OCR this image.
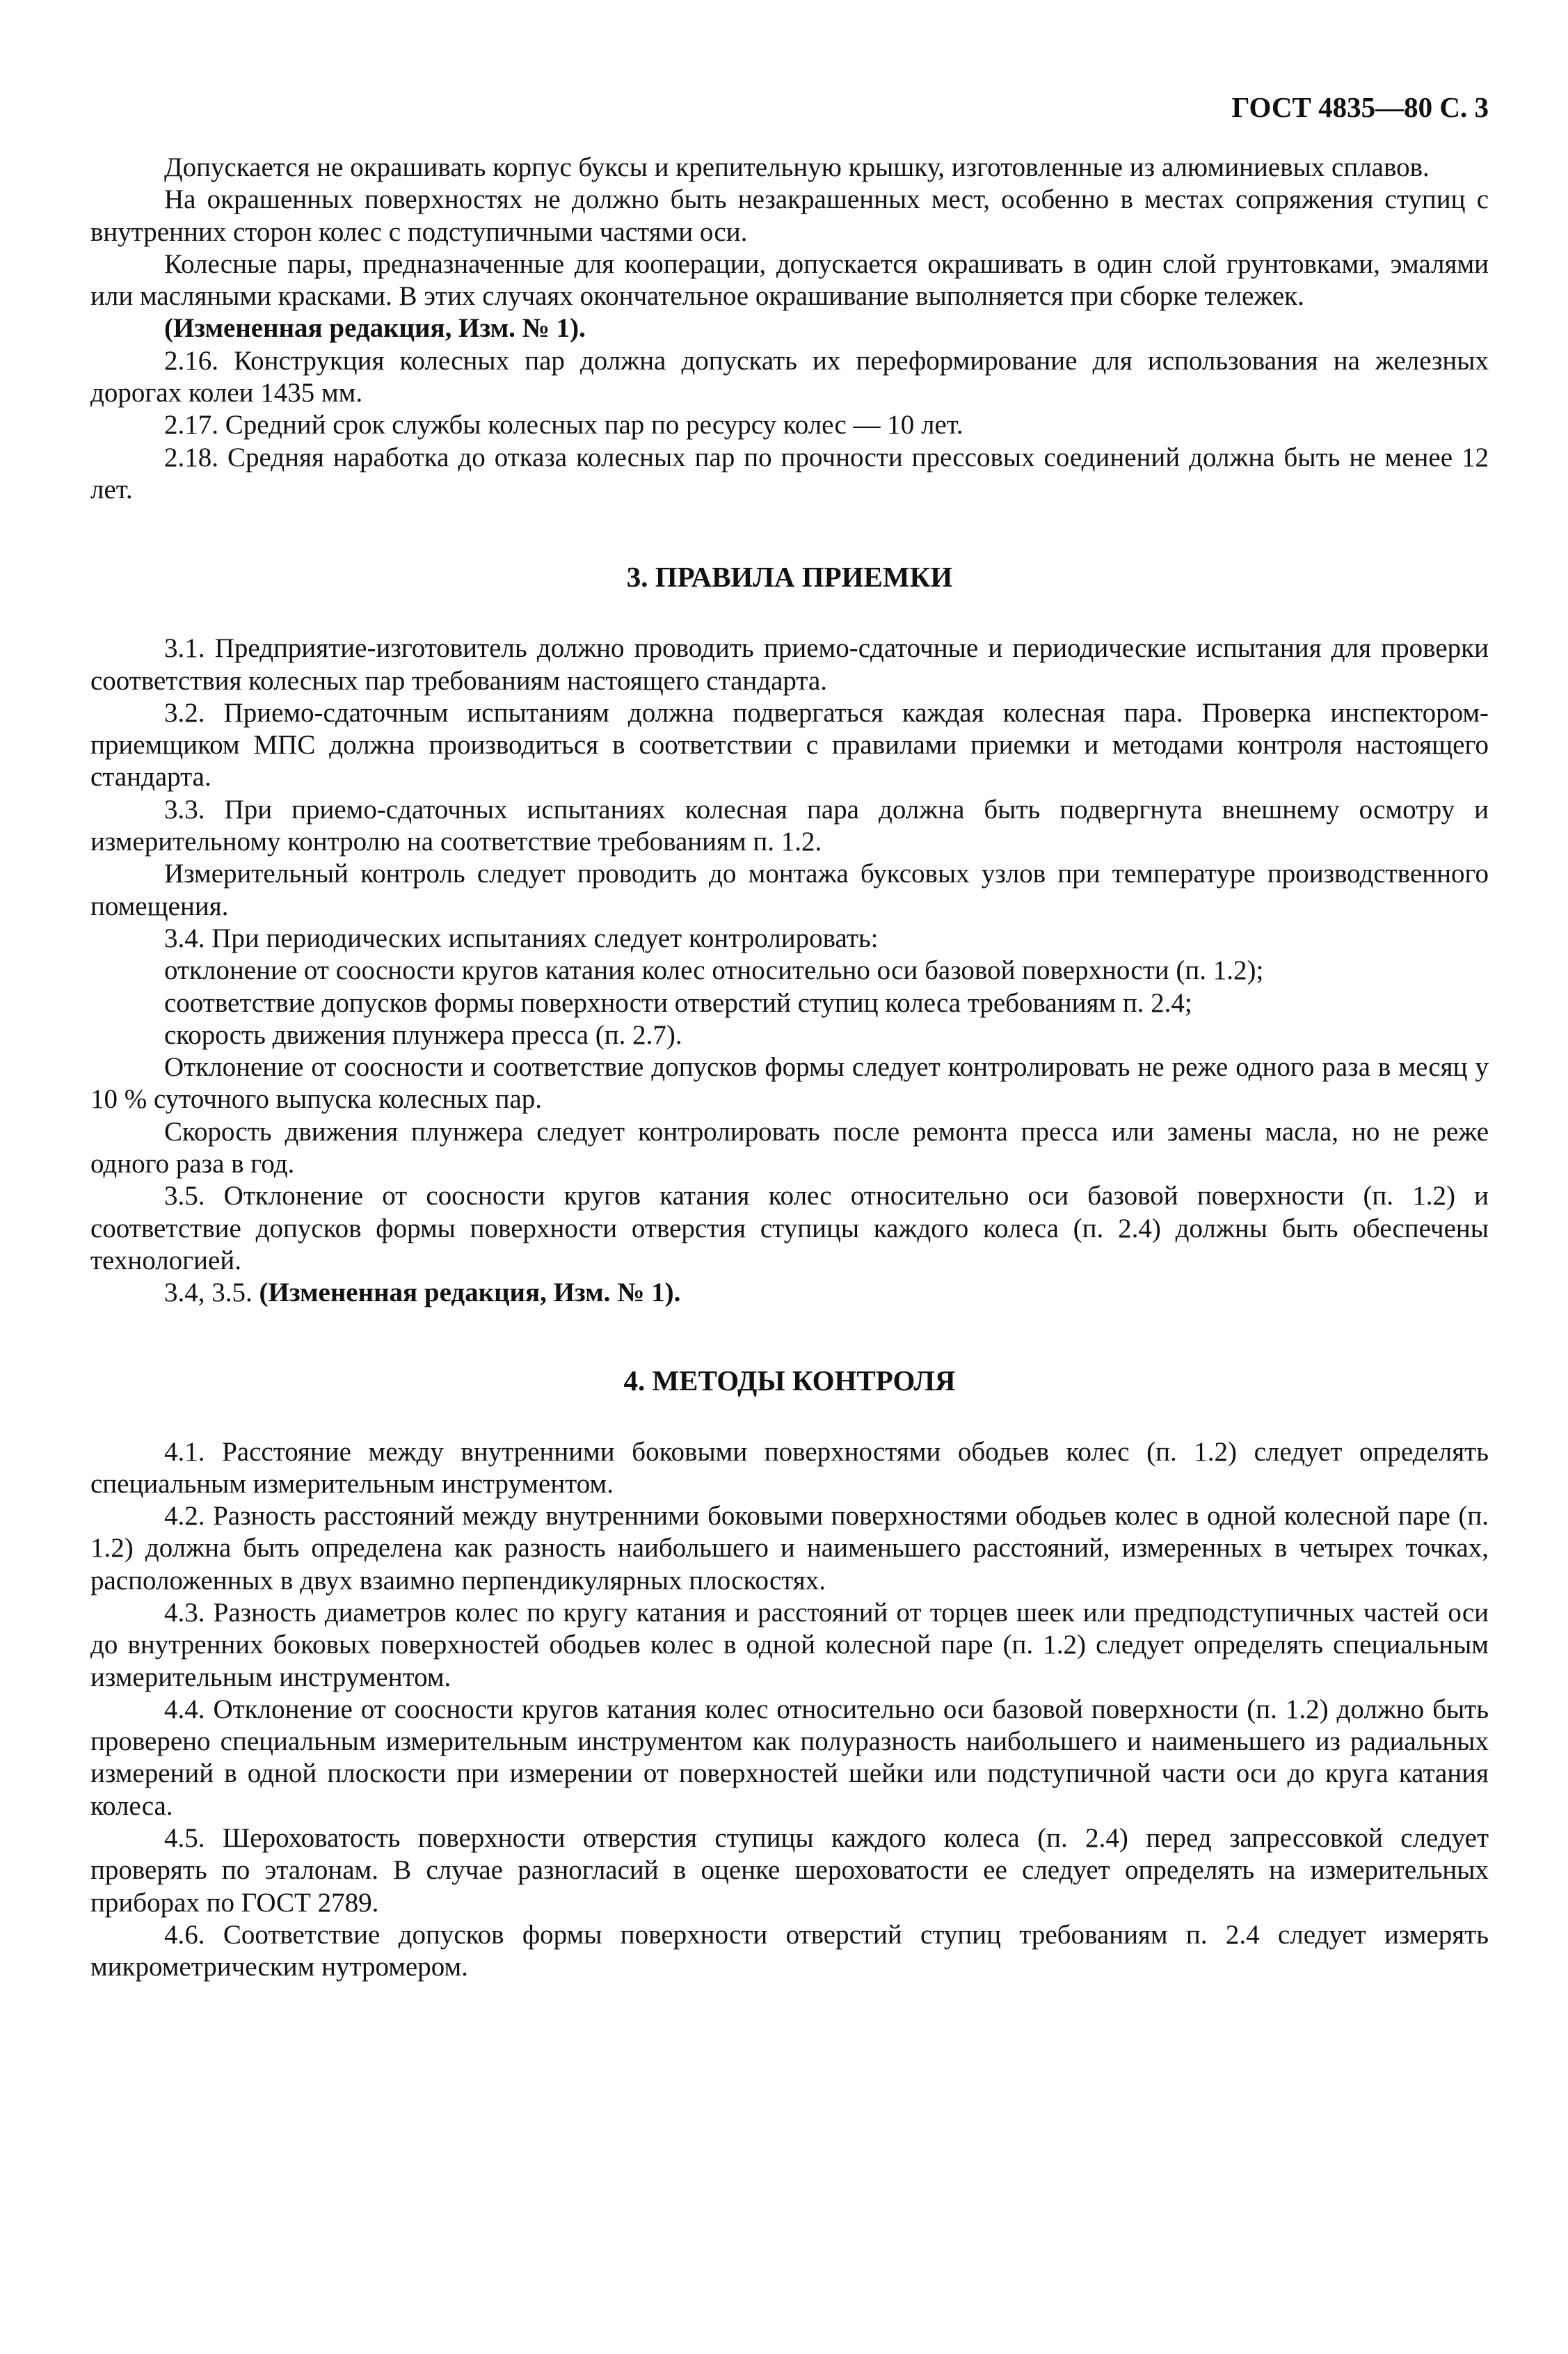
ГОСТ 4835—80 С. 3

Допускается не окрашивать корпус буксы и крепительную крышку, изготовленные из алюминиевых сплавов.

На окрашенных поверхностях не должно быть незакрашенных мест, особенно в местах сопряжения ступиц с внутренних сторон колес с подступичными частями оси.

Колесные пары, предназначенные для кооперации, допускается окрашивать в один слой грунтовками, эмалями или масляными красками. В этих случаях окончательное окрашивание выполняется при сборке тележек.

(Измененная редакция, Изм. № 1).

2.16. Конструкция колесных пар должна допускать их переформирование для использования на железных дорогах колеи 1435 мм.

2.17. Средний срок службы колесных пар по ресурсу колес — 10 лет.

2.18. Средняя наработка до отказа колесных пар по прочности прессовых соединений должна быть не менее 12 лет.

3. ПРАВИЛА ПРИЕМКИ

3.1. Предприятие-изготовитель должно проводить приемо-сдаточные и периодические испытания для проверки соответствия колесных пар требованиям настоящего стандарта.

3.2. Приемо-сдаточным испытаниям должна подвергаться каждая колесная пара. Проверка инспектором-приемщиком МПС должна производиться в соответствии с правилами приемки и методами контроля настоящего стандарта.

3.3. При приемо-сдаточных испытаниях колесная пара должна быть подвергнута внешнему осмотру и измерительному контролю на соответствие требованиям п. 1.2.

Измерительный контроль следует проводить до монтажа буксовых узлов при температуре производственного помещения.

3.4. При периодических испытаниях следует контролировать:

отклонение от соосности кругов катания колес относительно оси базовой поверхности (п. 1.2);

соответствие допусков формы поверхности отверстий ступиц колеса требованиям п. 2.4;

скорость движения плунжера пресса (п. 2.7).

Отклонение от соосности и соответствие допусков формы следует контролировать не реже одного раза в месяц у 10 % суточного выпуска колесных пар.

Скорость движения плунжера следует контролировать после ремонта пресса или замены масла, но не реже одного раза в год.

3.5. Отклонение от соосности кругов катания колес относительно оси базовой поверхности (п. 1.2) и соответствие допусков формы поверхности отверстия ступицы каждого колеса (п. 2.4) должны быть обеспечены технологией.

3.4, 3.5. (Измененная редакция, Изм. № 1).

4. МЕТОДЫ КОНТРОЛЯ

4.1. Расстояние между внутренними боковыми поверхностями ободьев колес (п. 1.2) следует определять специальным измерительным инструментом.

4.2. Разность расстояний между внутренними боковыми поверхностями ободьев колес в одной колесной паре (п. 1.2) должна быть определена как разность наибольшего и наименьшего расстояний, измеренных в четырех точках, расположенных в двух взаимно перпендикулярных плоскостях.

4.3. Разность диаметров колес по кругу катания и расстояний от торцев шеек или предподступичных частей оси до внутренних боковых поверхностей ободьев колес в одной колесной паре (п. 1.2) следует определять специальным измерительным инструментом.

4.4. Отклонение от соосности кругов катания колес относительно оси базовой поверхности (п. 1.2) должно быть проверено специальным измерительным инструментом как полуразность наибольшего и наименьшего из радиальных измерений в одной плоскости при измерении от поверхностей шейки или подступичной части оси до круга катания колеса.

4.5. Шероховатость поверхности отверстия ступицы каждого колеса (п. 2.4) перед запрессовкой следует проверять по эталонам. В случае разногласий в оценке шероховатости ее следует определять на измерительных приборах по ГОСТ 2789.

4.6. Соответствие допусков формы поверхности отверстий ступиц требованиям п. 2.4 следует измерять микрометрическим нутромером.
